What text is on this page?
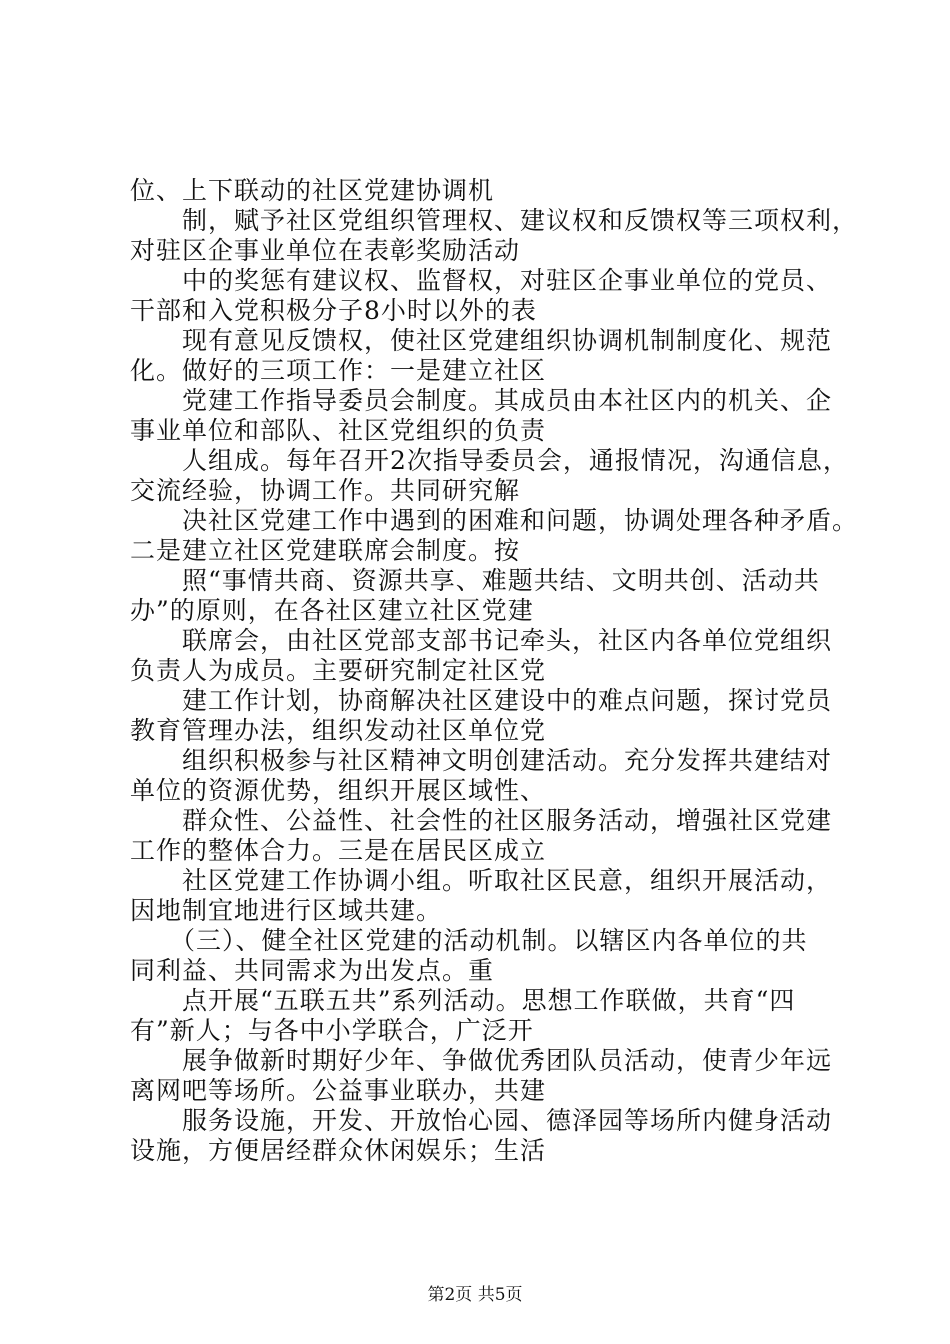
位、上下联动的社区党建协调机
制，赋予社区党组织管理权、建议权和反馈权等三项权利，
对驻区企事业单位在表彰奖励活动
中的奖惩有建议权、监督权，对驻区企事业单位的党员、
干部和入党积极分子8小时以外的表
现有意见反馈权，使社区党建组织协调机制制度化、规范
化。做好的三项工作：一是建立社区
党建工作指导委员会制度。其成员由本社区内的机关、企
事业单位和部队、社区党组织的负责
人组成。每年召开2次指导委员会，通报情况，沟通信息，
交流经验，协调工作。共同研究解
决社区党建工作中遇到的困难和问题，协调处理各种矛盾。
二是建立社区党建联席会制度。按
照“事情共商、资源共享、难题共结、文明共创、活动共
办”的原则，在各社区建立社区党建
联席会，由社区党部支部书记牵头，社区内各单位党组织
负责人为成员。主要研究制定社区党
建工作计划，协商解决社区建设中的难点问题，探讨党员
教育管理办法，组织发动社区单位党
组织积极参与社区精神文明创建活动。充分发挥共建结对
单位的资源优势，组织开展区域性、
群众性、公益性、社会性的社区服务活动，增强社区党建
工作的整体合力。三是在居民区成立
社区党建工作协调小组。听取社区民意，组织开展活动，
因地制宜地进行区域共建。
（三）、健全社区党建的活动机制。以辖区内各单位的共
同利益、共同需求为出发点。重
点开展“五联五共”系列活动。思想工作联做，共育“四
有”新人；与各中小学联合，广泛开
展争做新时期好少年、争做优秀团队员活动，使青少年远
离网吧等场所。公益事业联办，共建
服务设施，开发、开放怡心园、德泽园等场所内健身活动
设施，方便居经群众休闲娱乐；生活
第2页 共5页
